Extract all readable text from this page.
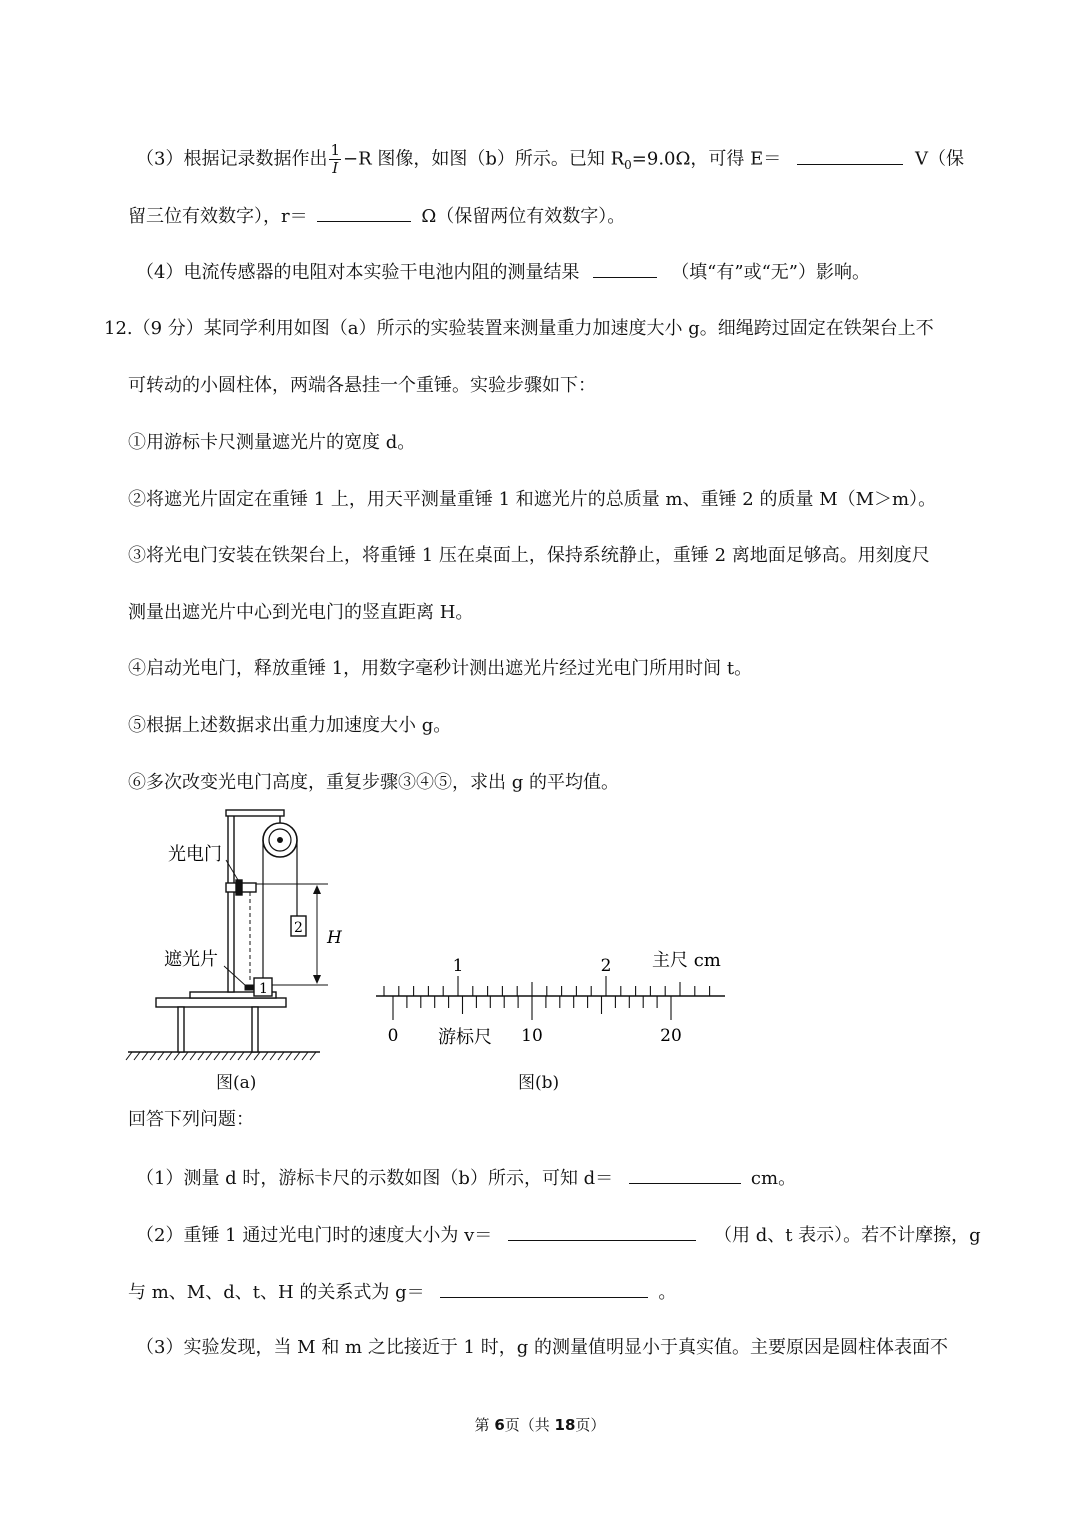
（3）根据记录数据作出 $\frac{1}{I} -R$ 图像，如图（b）所示。已知 $R_0=9.0\Omega$，可得 E＝	V（保
留三位有效数字），r＝	Ω（保留两位有效数字）。
（4）电流传感器的电阻对本实验干电池内阻的测量结果	（填“有”或“无”）影响。
12.（9 分）某同学利用如图（a）所示的实验装置来测量重力加速度大小 g。细绳跨过固定在铁架台上不
可转动的小圆柱体，两端各悬挂一个重锤。实验步骤如下：
①用游标卡尺测量遮光片的宽度 d。
②将遮光片固定在重锤 1 上，用天平测量重锤 1 和遮光片的总质量 m、重锤 2 的质量 M（M＞m）。
③将光电门安装在铁架台上，将重锤 1 压在桌面上，保持系统静止，重锤 2 离地面足够高。用刻度尺
测量出遮光片中心到光电门的竖直距离 H。
④启动光电门，释放重锤 1，用数字毫秒计测出遮光片经过光电门所用时间 t。
⑤根据上述数据求出重力加速度大小 g。
⑥多次改变光电门高度，重复步骤③④⑤，求出 g 的平均值。
光电门
遮光片
H
2
1
图(a)
1	2 主尺 cm
0	10	20
游标尺
图(b)
回答下列问题：
（1）测量 d 时，游标卡尺的示数如图（b）所示，可知 d＝	cm。
（2）重锤 1 通过光电门时的速度大小为 v＝	（用 d、t 表示）。若不计摩擦，g
与 m、M、d、t、H 的关系式为 g＝	。
（3）实验发现，当 M 和 m 之比接近于 1 时，g 的测量值明显小于真实值。主要原因是圆柱体表面不
第 6页（共 18页）
